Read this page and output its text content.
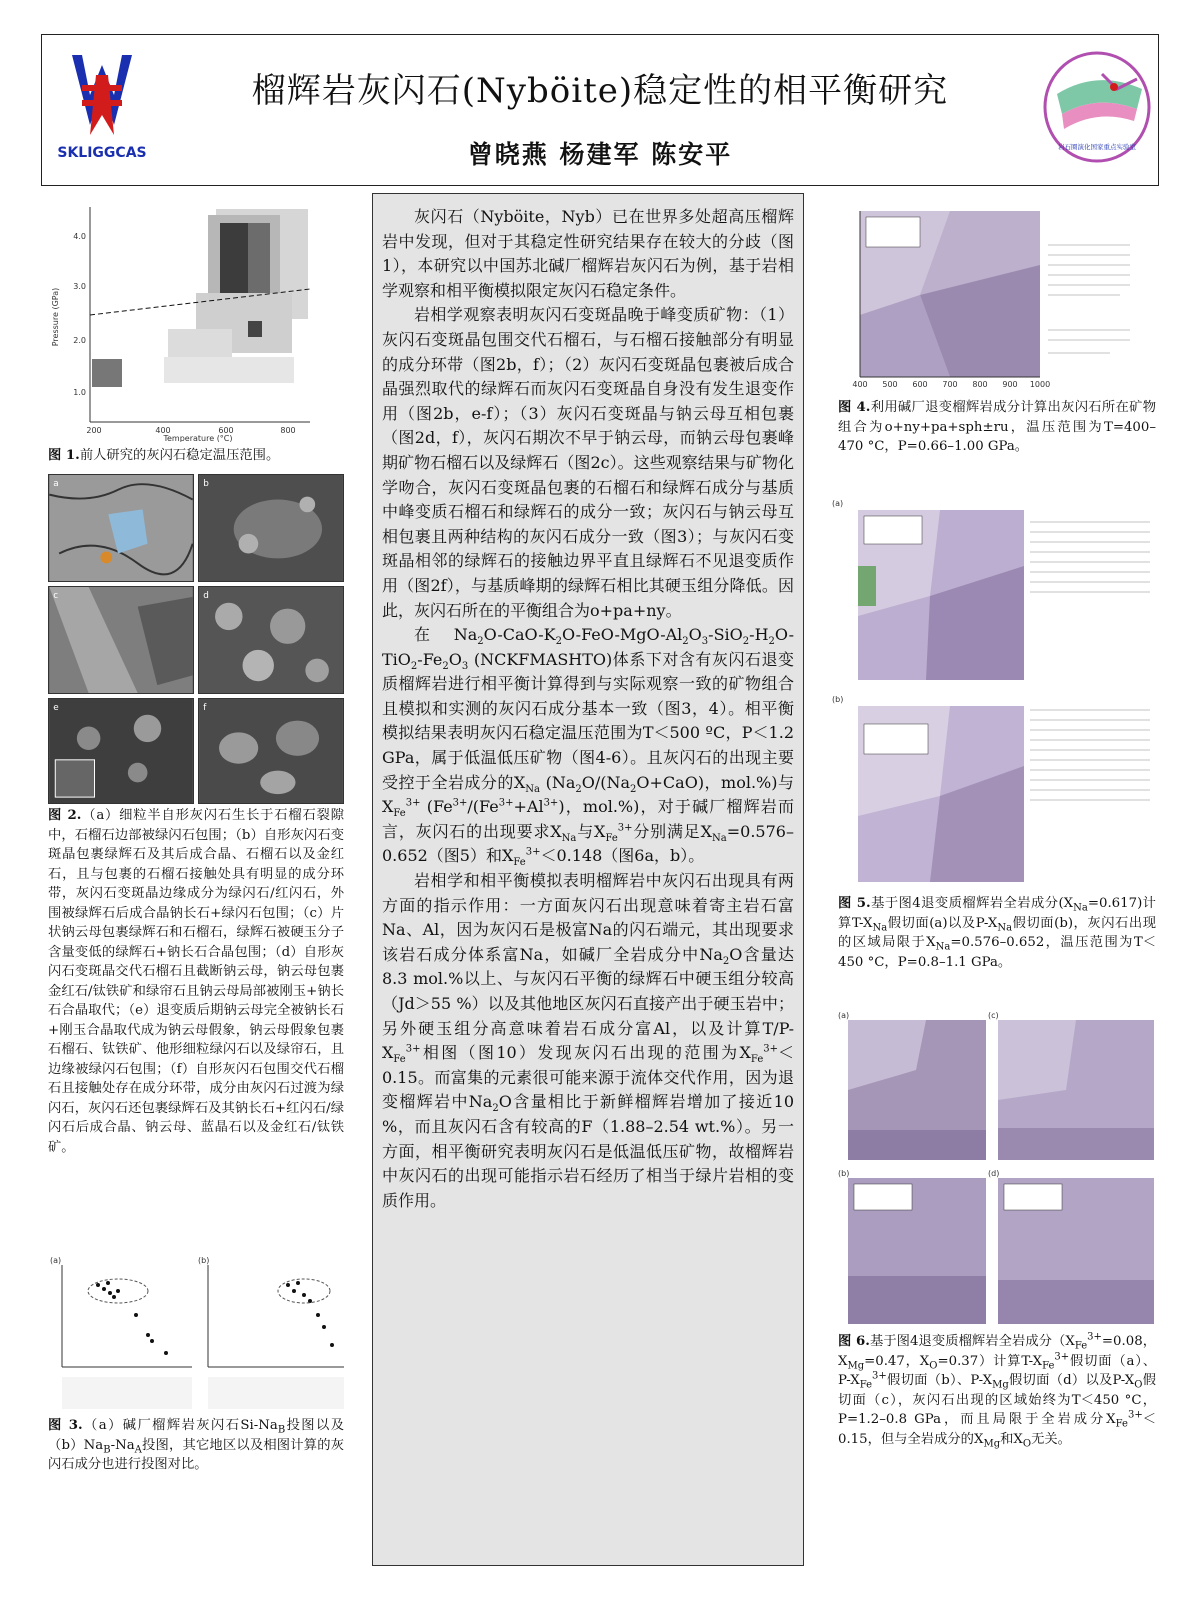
SKLIGGCAS
榴辉岩灰闪石(Nyböite)稳定性的相平衡研究
曾晓燕 杨建军 陈安平	岩石圈演化国家重点实验室
4.0
3.0
2.0
1.0
200	400	600	800
Temperature (°C)
Pressure (GPa)
图 1.前人研究的灰闪石稳定温压范围。
a	b
c	d
e	f
图 2.（a）细粒半自形灰闪石生长于石榴石裂隙中，石榴石边部被绿闪石包围；（b）自形灰闪石变斑晶包裹绿辉石及其后成合晶、石榴石以及金红石，且与包裹的石榴石接触处具有明显的成分环带，灰闪石变斑晶边缘成分为绿闪石/红闪石，外围被绿辉石后成合晶钠长石+绿闪石包围；（c）片状钠云母包裹绿辉石和石榴石，绿辉石被硬玉分子含量变低的绿辉石+钠长石合晶包围；（d）自形灰闪石变斑晶交代石榴石且截断钠云母，钠云母包裹金红石/钛铁矿和绿帘石且钠云母局部被刚玉+钠长石合晶取代；（e）退变质后期钠云母完全被钠长石+刚玉合晶取代成为钠云母假象，钠云母假象包裹石榴石、钛铁矿、他形细粒绿闪石以及绿帘石，且边缘被绿闪石包围；（f）自形灰闪石包围交代石榴石且接触处存在成分环带，成分由灰闪石过渡为绿闪石，灰闪石还包裹绿辉石及其钠长石+红闪石/绿闪石后成合晶、钠云母、蓝晶石以及金红石/钛铁矿。
(a)	(b)
图 3.（a）碱厂榴辉岩灰闪石$Si-Na_B$投图以及$(b)Na_B-Na_A$投图，其它地区以及相图计算的灰闪石成分也进行投图对比。

灰闪石（Nyböite，Nyb）已在世界多处超高压榴辉岩中发现，但对于其稳定性研究结果存在较大的分歧（图1），本研究以中国苏北碱厂榴辉岩灰闪石为例，基于岩相学观察和相平衡模拟限定灰闪石稳定条件。

岩相学观察表明灰闪石变斑晶晚于峰变质矿物：（1）灰闪石变斑晶包围交代石榴石，与石榴石接触部分有明显的成分环带（图2b，f）；（2）灰闪石变斑晶包裹被后成合晶强烈取代的绿辉石而灰闪石变斑晶自身没有发生退变作用（图2b，e-f）；（3）灰闪石变斑晶与钠云母互相包裹（图2d，f），灰闪石期次不早于钠云母，而钠云母包裹峰期矿物石榴石以及绿辉石（图2c）。这些观察结果与矿物化学吻合，灰闪石变斑晶包裹的石榴石和绿辉石成分与基质中峰变质石榴石和绿辉石的成分一致；灰闪石与钠云母互相包裹且两种结构的灰闪石成分一致（图3）；与灰闪石变斑晶相邻的绿辉石的接触边界平直且绿辉石不见退变质作用（图2f），与基质峰期的绿辉石相比其硬玉组分降低。因此，灰闪石所在的平衡组合为o+pa+ny。

在$Na_2O-CaO-K_2O-FeO-MgO-Al_2O_3-SiO_2-H_2O-TiO_2-Fe_2O_3$ (NCKFMASHTO)体系下对含有灰闪石退变质榴辉岩进行相平衡计算得到与实际观察一致的矿物组合且模拟和实测的灰闪石成分基本一致（图3，4）。相平衡模拟结果表明灰闪石稳定温压范围为T＜500 ºC，P＜1.2 GPa，属于低温低压矿物（图4-6）。且灰闪石的出现主要受控于全岩成分的$X_{Na}$ ($Na_2O/(Na_2O+CaO)$，mol.%)与$X_{Fe}^{3+}$ ($Fe^{3+}/(Fe^{3+}+Al^{3+})$，mol.%)，对于碱厂榴辉岩而言，灰闪石的出现要求$X_{Na}$与$X_{Fe}^{3+}$分别满足$X_{Na}=0.576-0.652$（图5）和$X_{Fe}^{3+}<0.148$（图6a，b）。

岩相学和相平衡模拟表明榴辉岩中灰闪石出现具有两方面的指示作用：一方面灰闪石出现意味着寄主岩石富Na、Al，因为灰闪石是极富Na的闪石端元，其出现要求该岩石成分体系富Na，如碱厂全岩成分中$Na_2O$含量达8.3 mol.%以上、与灰闪石平衡的绿辉石中硬玉组分较高（Jd＞55 %）以及其他地区灰闪石直接产出于硬玉岩中；另外硬玉组分高意味着岩石成分富Al，以及计算$T/P-X_{Fe}^{3+}$相图（图10）发现灰闪石出现的范围为$X_{Fe}^{3+}<0.15$。而富集的元素很可能来源于流体交代作用，因为退变榴辉岩中$Na_2O$含量相比于新鲜榴辉岩增加了接近10 %，而且灰闪石含有较高的F（1.88–2.54 wt.%）。另一方面，相平衡研究表明灰闪石是低温低压矿物，故榴辉岩中灰闪石的出现可能指示岩石经历了相当于绿片岩相的变质作用。

400 500 600 700 800 900 1000
图 4.利用碱厂退变榴辉岩成分计算出灰闪石所在矿物组合为o+ny+pa+sph±ru，温压范围为T=400–470 °C，P=0.66–1.00 GPa。
(a)
(b)
图 5.基于图4退变质榴辉岩全岩成分$(X_{Na}=0.617)$计算$T-X_{Na}$假切面(a)以及$P-X_{Na}$假切面(b)，灰闪石出现的区域局限于$X_{Na}=0.576-0.652$，温压范围为T＜450 °C，P=0.8–1.1 GPa。
(a)	(c)
(b)	(d)
图 6.基于图4退变质榴辉岩全岩成分（$X_{Fe}^{3+}=0.08$，$X_{Mg}=0.47$，$X_O=0.37$）计算$T-X_{Fe}^{3+}$假切面（a）、$P-X_{Fe}^{3+}$假切面（b）、$P-X_{Mg}$假切面（d）以及$P-X_O$假切面（c），灰闪石出现的区域始终为T＜450 °C，P=1.2–0.8 GPa，而且局限于全岩成分$X_{Fe}^{3+}<0.15$，但与全岩成分的$X_{Mg}$和$X_O$无关。
